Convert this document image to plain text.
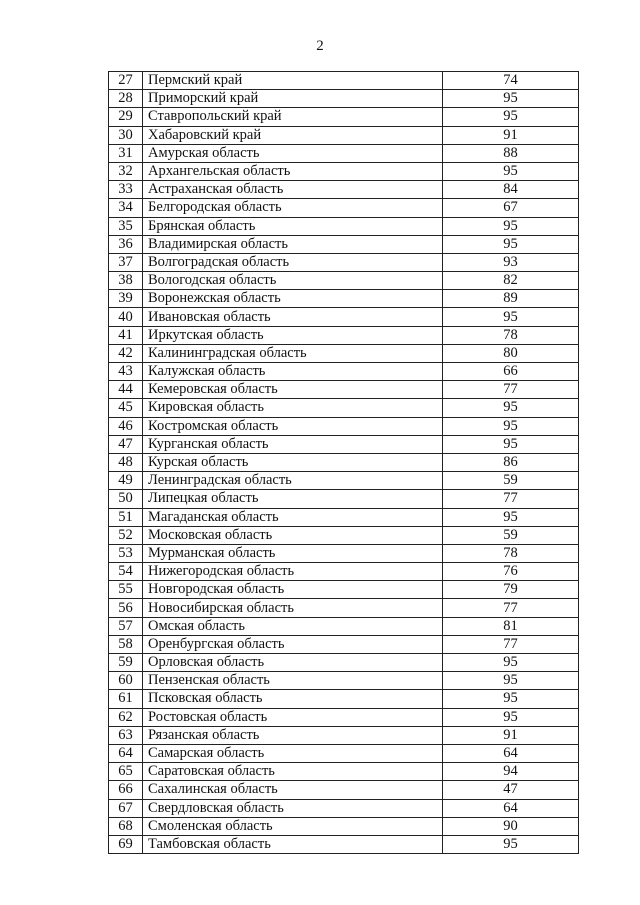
2
27	Пермский край	74
28	Приморский край	95
29	Ставропольский край	95
30	Хабаровский край	91
31	Амурская область	88
32	Архангельская область	95
33	Астраханская область	84
34	Белгородская область	67
35	Брянская область	95
36	Владимирская область	95
37	Волгоградская область	93
38	Вологодская область	82
39	Воронежская область	89
40	Ивановская область	95
41	Иркутская область	78
42	Калининградская область	80
43	Калужская область	66
44	Кемеровская область	77
45	Кировская область	95
46	Костромская область	95
47	Курганская область	95
48	Курская область	86
49	Ленинградская область	59
50	Липецкая область	77
51	Магаданская область	95
52	Московская область	59
53	Мурманская область	78
54	Нижегородская область	76
55	Новгородская область	79
56	Новосибирская область	77
57	Омская область	81
58	Оренбургская область	77
59	Орловская область	95
60	Пензенская область	95
61	Псковская область	95
62	Ростовская область	95
63	Рязанская область	91
64	Самарская область	64
65	Саратовская область	94
66	Сахалинская область	47
67	Свердловская область	64
68	Смоленская область	90
69	Тамбовская область	95
